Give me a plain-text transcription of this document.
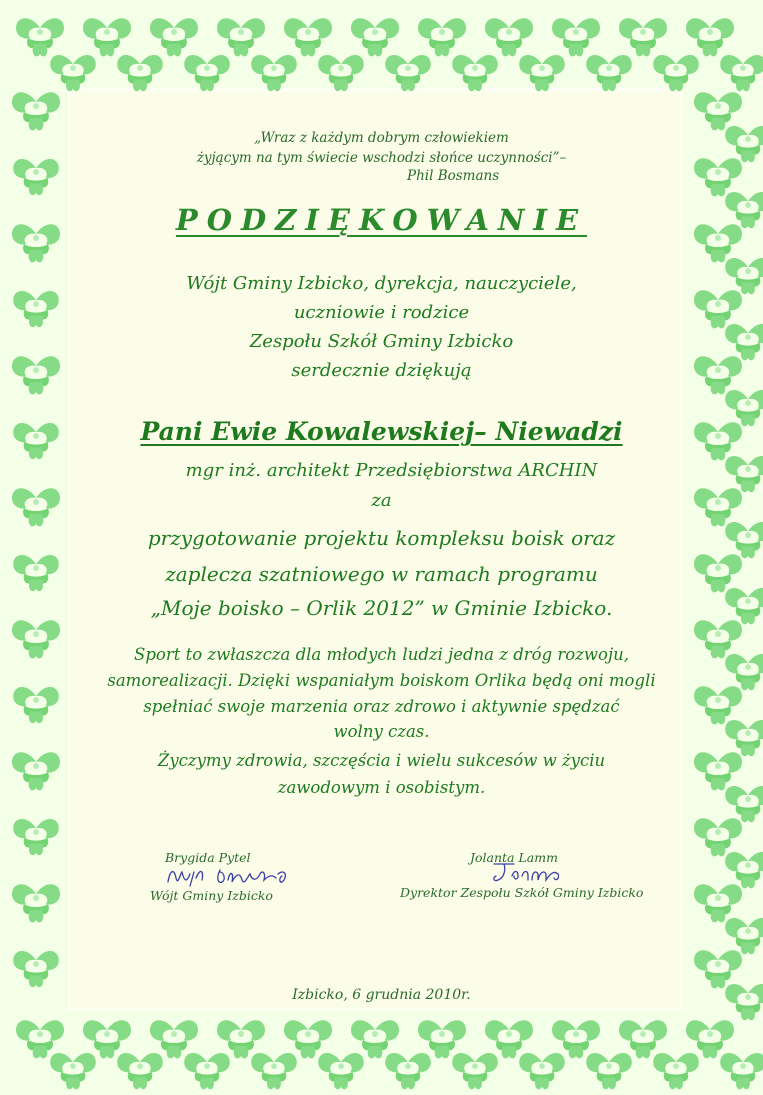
„Wraz z każdym dobrym człowiekiem
żyjącym na tym świecie wschodzi słońce uczynności”–
Phil Bosmans
PODZIĘKOWANIE
Wójt Gminy Izbicko, dyrekcja, nauczyciele,
uczniowie i rodzice
Zespołu Szkół Gminy Izbicko
serdecznie dziękują
Pani Ewie Kowalewskiej– Niewadzi
mgr inż. architekt Przedsiębiorstwa ARCHIN
za
przygotowanie projektu kompleksu boisk oraz
zaplecza szatniowego w ramach programu
„Moje boisko – Orlik 2012” w Gminie Izbicko.
Sport to zwłaszcza dla młodych ludzi jedna z dróg rozwoju,
samorealizacji. Dzięki wspaniałym boiskom Orlika będą oni mogli
spełniać swoje marzenia oraz zdrowo i aktywnie spędzać
wolny czas.
Życzymy zdrowia, szczęścia i wielu sukcesów w życiu
zawodowym i osobistym.
Brygida Pytel
Wójt Gminy Izbicko
Jolanta Lamm
Dyrektor Zespołu Szkół Gminy Izbicko
Izbicko, 6 grudnia 2010r.
